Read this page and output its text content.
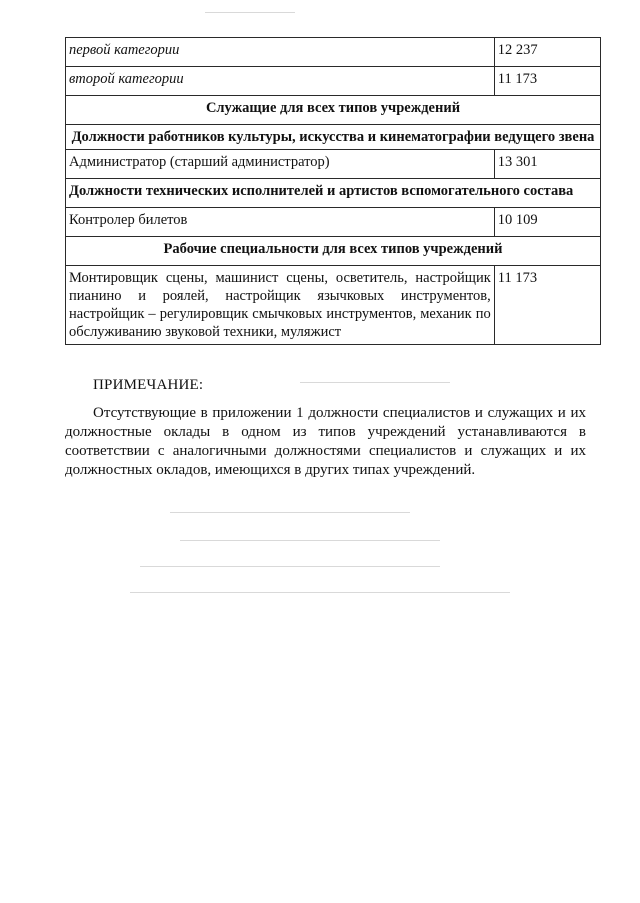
первой категории	12 237
второй категории	11 173
Служащие для всех типов учреждений	
Должности работников культуры, искусства и кинематографии ведущего звена	
Администратор (старший администратор)	13 301
Должности технических исполнителей и артистов вспомогательного состава	
Контролер билетов	10 109
Рабочие специальности для всех типов учреждений	
Монтировщик сцены, машинист сцены, осветитель, настройщик пианино и роялей, настройщик язычковых инструментов, настройщик – регулировщик смычковых инструментов, механик по обслуживанию звуковой техники, муляжист	11 173
ПРИМЕЧАНИЕ:
Отсутствующие в приложении 1 должности специалистов и служащих и их должностные оклады в одном из типов учреждений устанавливаются в соответствии с аналогичными должностями специалистов и служащих и их должностных окладов, имеющихся в других типах учреждений.
